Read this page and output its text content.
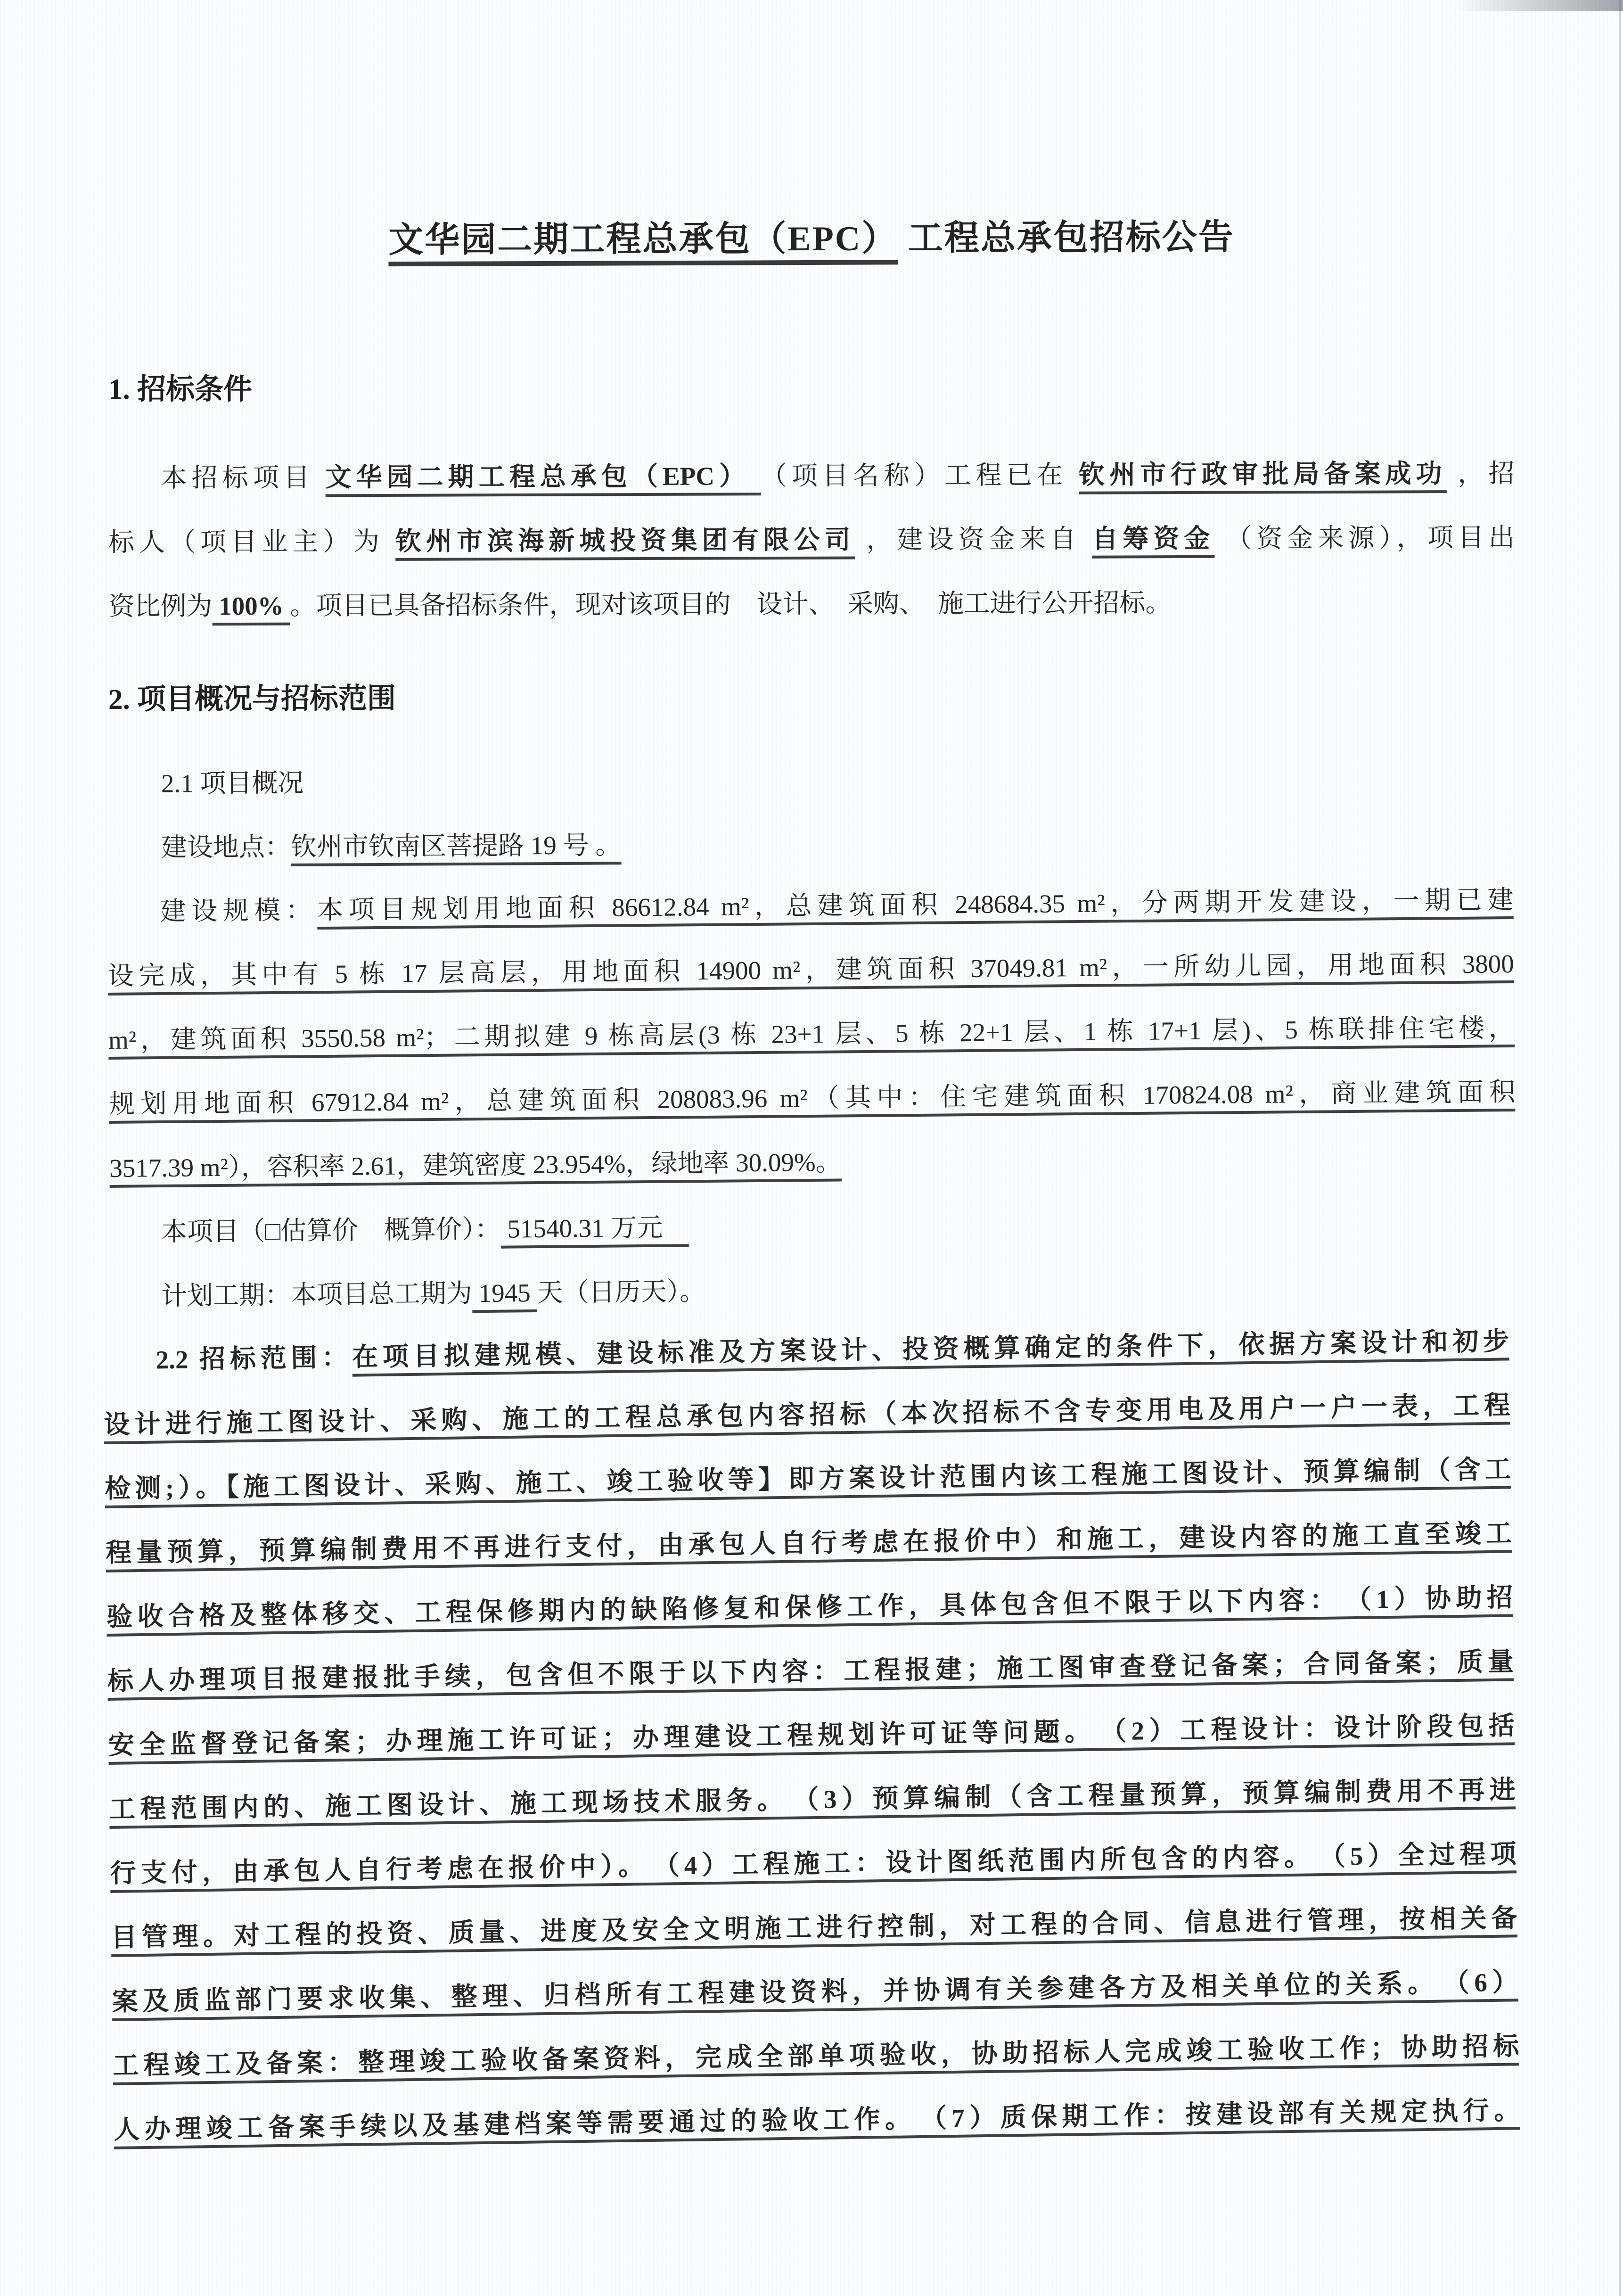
文华园二期工程总承包（EPC） 工程总承包招标公告
1. 招标条件
本招标项目 文华园二期工程总承包（EPC） （项目名称）工程已在 钦州市行政审批局备案成功 ，招
标人（项目业主）为 钦州市滨海新城投资集团有限公司 ，建设资金来自 自筹资金 （资金来源），项目出
资比例为 100% 。项目已具备招标条件，现对该项目的　设计、　采购、　施工进行公开招标。
2. 项目概况与招标范围
2.1 项目概况
建设地点：钦州市钦南区菩提路 19 号 。
建设规模：本项目规划用地面积 86612.84 m²，总建筑面积 248684.35 m²，分两期开发建设，一期已建
设完成，其中有 5 栋 17 层高层，用地面积 14900 m²，建筑面积 37049.81 m²，一所幼儿园，用地面积 3800
m²，建筑面积 3550.58 m²；二期拟建 9 栋高层(3 栋 23+1 层、5 栋 22+1 层、1 栋 17+1 层)、5 栋联排住宅楼，
规划用地面积 67912.84 m²，总建筑面积 208083.96 m²（其中：住宅建筑面积 170824.08 m²，商业建筑面积
3517.39 m²），容积率 2.61，建筑密度 23.954%，绿地率 30.09%。
本项目（□估算价　概算价）： 51540.31 万元　
计划工期：本项目总工期为 1945 天（日历天）。
2.2 招标范围：在项目拟建规模、建设标准及方案设计、投资概算确定的条件下，依据方案设计和初步
设计进行施工图设计、采购、施工的工程总承包内容招标（本次招标不含专变用电及用户一户一表，工程
检测;）。【施工图设计、采购、施工、竣工验收等】即方案设计范围内该工程施工图设计、预算编制（含工
程量预算，预算编制费用不再进行支付，由承包人自行考虑在报价中）和施工，建设内容的施工直至竣工
验收合格及整体移交、工程保修期内的缺陷修复和保修工作，具体包含但不限于以下内容：　（1）协助招
标人办理项目报建报批手续，包含但不限于以下内容：工程报建；施工图审查登记备案；合同备案；质量
安全监督登记备案；办理施工许可证；办理建设工程规划许可证等问题。　（2）工程设计：设计阶段包括
工程范围内的、施工图设计、施工现场技术服务。　（3）预算编制（含工程量预算，预算编制费用不再进
行支付，由承包人自行考虑在报价中）。　（4）工程施工：设计图纸范围内所包含的内容。　（5）全过程项
目管理。对工程的投资、质量、进度及安全文明施工进行控制，对工程的合同、信息进行管理，按相关备
案及质监部门要求收集、整理、归档所有工程建设资料，并协调有关参建各方及相关单位的关系。　（6）
工程竣工及备案：整理竣工验收备案资料，完成全部单项验收，协助招标人完成竣工验收工作；协助招标
人办理竣工备案手续以及基建档案等需要通过的验收工作。　（7）质保期工作：按建设部有关规定执行。
